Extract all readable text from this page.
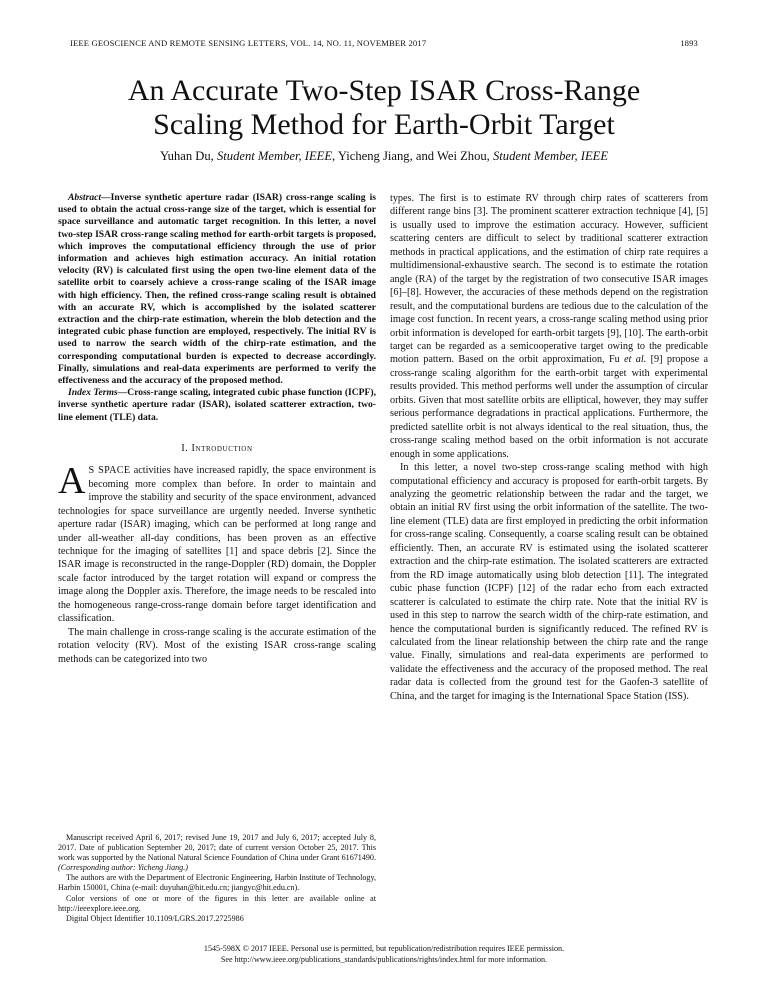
IEEE GEOSCIENCE AND REMOTE SENSING LETTERS, VOL. 14, NO. 11, NOVEMBER 2017	1893
An Accurate Two-Step ISAR Cross-Range
Scaling Method for Earth-Orbit Target
Yuhan Du, Student Member, IEEE, Yicheng Jiang, and Wei Zhou, Student Member, IEEE

Abstract—Inverse synthetic aperture radar (ISAR) cross-range scaling is used to obtain the actual cross-range size of the target, which is essential for space surveillance and automatic target recognition. In this letter, a novel two-step ISAR cross-range scaling method for earth-orbit targets is proposed, which improves the computational efficiency through the use of prior information and achieves high estimation accuracy. An initial rotation velocity (RV) is calculated first using the open two-line element data of the satellite orbit to coarsely achieve a cross-range scaling of the ISAR image with high efficiency. Then, the refined cross-range scaling result is obtained with an accurate RV, which is accomplished by the isolated scatterer extraction and the chirp-rate estimation, wherein the blob detection and the integrated cubic phase function are employed, respectively. The initial RV is used to narrow the search width of the chirp-rate estimation, and the corresponding computational burden is expected to decrease accordingly. Finally, simulations and real-data experiments are performed to verify the effectiveness and the accuracy of the proposed method.

Index Terms—Cross-range scaling, integrated cubic phase function (ICPF), inverse synthetic aperture radar (ISAR), isolated scatterer extraction, two-line element (TLE) data.

I. Introduction

A S SPACE activities have increased rapidly, the space environment is becoming more complex than before. In order to maintain and improve the stability and security of the space environment, advanced technologies for space surveillance are urgently needed. Inverse synthetic aperture radar (ISAR) imaging, which can be performed at long range and under all-weather all-day conditions, has been proven as an effective technique for the imaging of satellites [1] and space debris [2]. Since the ISAR image is reconstructed in the range-Doppler (RD) domain, the Doppler scale factor introduced by the target rotation will expand or compress the image along the Doppler axis. Therefore, the image needs to be rescaled into the homogeneous range-cross-range domain before target identification and classification.

The main challenge in cross-range scaling is the accurate estimation of the rotation velocity (RV). Most of the existing ISAR cross-range scaling methods can be categorized into two

Manuscript received April 6, 2017; revised June 19, 2017 and July 6, 2017; accepted July 8, 2017. Date of publication September 20, 2017; date of current version October 25, 2017. This work was supported by the National Natural Science Foundation of China under Grant 61671490. (Corresponding author: Yicheng Jiang.)

The authors are with the Department of Electronic Engineering, Harbin Institute of Technology, Harbin 150001, China (e-mail: duyuhan@hit.edu.cn; jiangyc@hit.edu.cn).

Color versions of one or more of the figures in this letter are available online at http://ieeexplore.ieee.org.

Digital Object Identifier 10.1109/LGRS.2017.2725986

types. The first is to estimate RV through chirp rates of scatterers from different range bins [3]. The prominent scatterer extraction technique [4], [5] is usually used to improve the estimation accuracy. However, sufficient scattering centers are difficult to select by traditional scatterer extraction methods in practical applications, and the estimation of chirp rate requires a multidimensional-exhaustive search. The second is to estimate the rotation angle (RA) of the target by the registration of two consecutive ISAR images [6]–[8]. However, the accuracies of these methods depend on the registration result, and the computational burdens are tedious due to the calculation of the image cost function. In recent years, a cross-range scaling method using prior orbit information is developed for earth-orbit targets [9], [10]. The earth-orbit target can be regarded as a semicooperative target owing to the predicable motion pattern. Based on the orbit approximation, Fu et al. [9] propose a cross-range scaling algorithm for the earth-orbit target with experimental results provided. This method performs well under the assumption of circular orbits. Given that most satellite orbits are elliptical, however, they may suffer serious performance degradations in practical applications. Furthermore, the predicted satellite orbit is not always identical to the real situation, thus, the cross-range scaling method based on the orbit information is not accurate enough in some applications.

In this letter, a novel two-step cross-range scaling method with high computational efficiency and accuracy is proposed for earth-orbit targets. By analyzing the geometric relationship between the radar and the target, we obtain an initial RV first using the orbit information of the satellite. The two-line element (TLE) data are first employed in predicting the orbit information for cross-range scaling. Consequently, a coarse scaling result can be obtained efficiently. Then, an accurate RV is estimated using the isolated scatterer extraction and the chirp-rate estimation. The isolated scatterers are extracted from the RD image automatically using blob detection [11]. The integrated cubic phase function (ICPF) [12] of the radar echo from each extracted scatterer is calculated to estimate the chirp rate. Note that the initial RV is used in this step to narrow the search width of the chirp-rate estimation, and hence the computational burden is significantly reduced. The refined RV is calculated from the linear relationship between the chirp rate and the range value. Finally, simulations and real-data experiments are performed to validate the effectiveness and the accuracy of the proposed method. The real radar data is collected from the ground test for the Gaofen-3 satellite of China, and the target for imaging is the International Space Station (ISS).

1545-598X © 2017 IEEE. Personal use is permitted, but republication/redistribution requires IEEE permission.
See http://www.ieee.org/publications_standards/publications/rights/index.html for more information.
